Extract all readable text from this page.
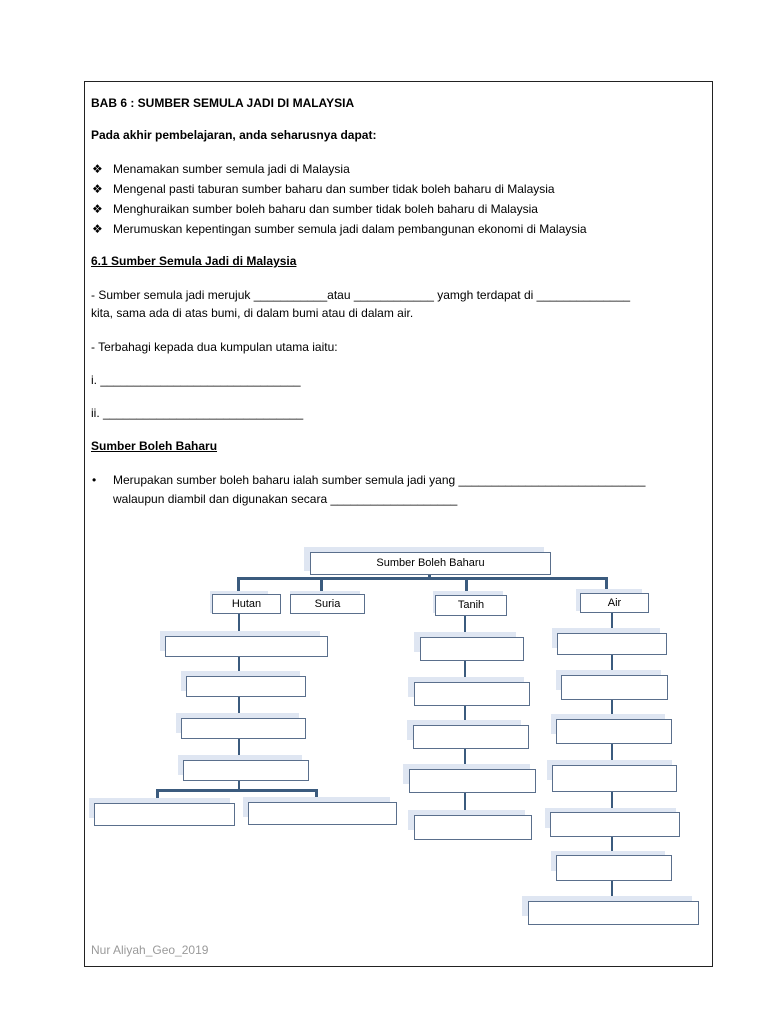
BAB 6 : SUMBER SEMULA JADI DI MALAYSIA
Pada akhir pembelajaran, anda seharusnya dapat:
❖ Menamakan sumber semula jadi di Malaysia
❖ Mengenal pasti taburan sumber baharu dan sumber tidak boleh baharu di Malaysia
❖ Menghuraikan sumber boleh baharu dan sumber tidak boleh baharu di Malaysia
❖ Merumuskan kepentingan sumber semula jadi dalam pembangunan ekonomi di Malaysia
6.1 Sumber Semula Jadi di Malaysia
- Sumber semula jadi merujuk ___________atau ____________ yamgh terdapat di ______________
kita, sama ada di atas bumi, di dalam bumi atau di dalam air.
- Terbahagi kepada dua kumpulan utama iaitu:
i. ______________________________
ii. ______________________________
Sumber Boleh Baharu
• Merupakan sumber boleh baharu ialah sumber semula jadi yang ____________________________
walaupun diambil dan digunakan secara ___________________
Sumber Boleh Baharu
Hutan	Suria	Tanih	Air
Nur Aliyah_Geo_2019
